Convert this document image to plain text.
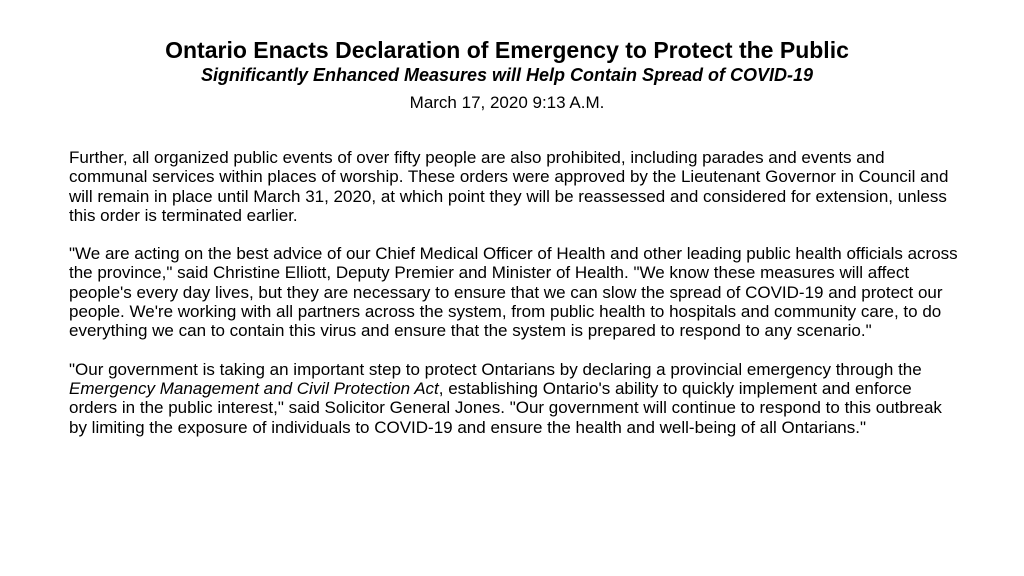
Ontario Enacts Declaration of Emergency to Protect the Public
Significantly Enhanced Measures will Help Contain Spread of COVID-19
March 17, 2020 9:13 A.M.

Further, all organized public events of over fifty people are also prohibited, including parades and events and communal services within places of worship. These orders were approved by the Lieutenant Governor in Council and will remain in place until March 31, 2020, at which point they will be reassessed and considered for extension, unless this order is terminated earlier.

"We are acting on the best advice of our Chief Medical Officer of Health and other leading public health officials across the province," said Christine Elliott, Deputy Premier and Minister of Health. "We know these measures will affect people's every day lives, but they are necessary to ensure that we can slow the spread of COVID-19 and protect our people. We're working with all partners across the system, from public health to hospitals and community care, to do everything we can to contain this virus and ensure that the system is prepared to respond to any scenario."

"Our government is taking an important step to protect Ontarians by declaring a provincial emergency through the Emergency Management and Civil Protection Act, establishing Ontario's ability to quickly implement and enforce orders in the public interest," said Solicitor General Jones. "Our government will continue to respond to this outbreak by limiting the exposure of individuals to COVID-19 and ensure the health and well-being of all Ontarians."
